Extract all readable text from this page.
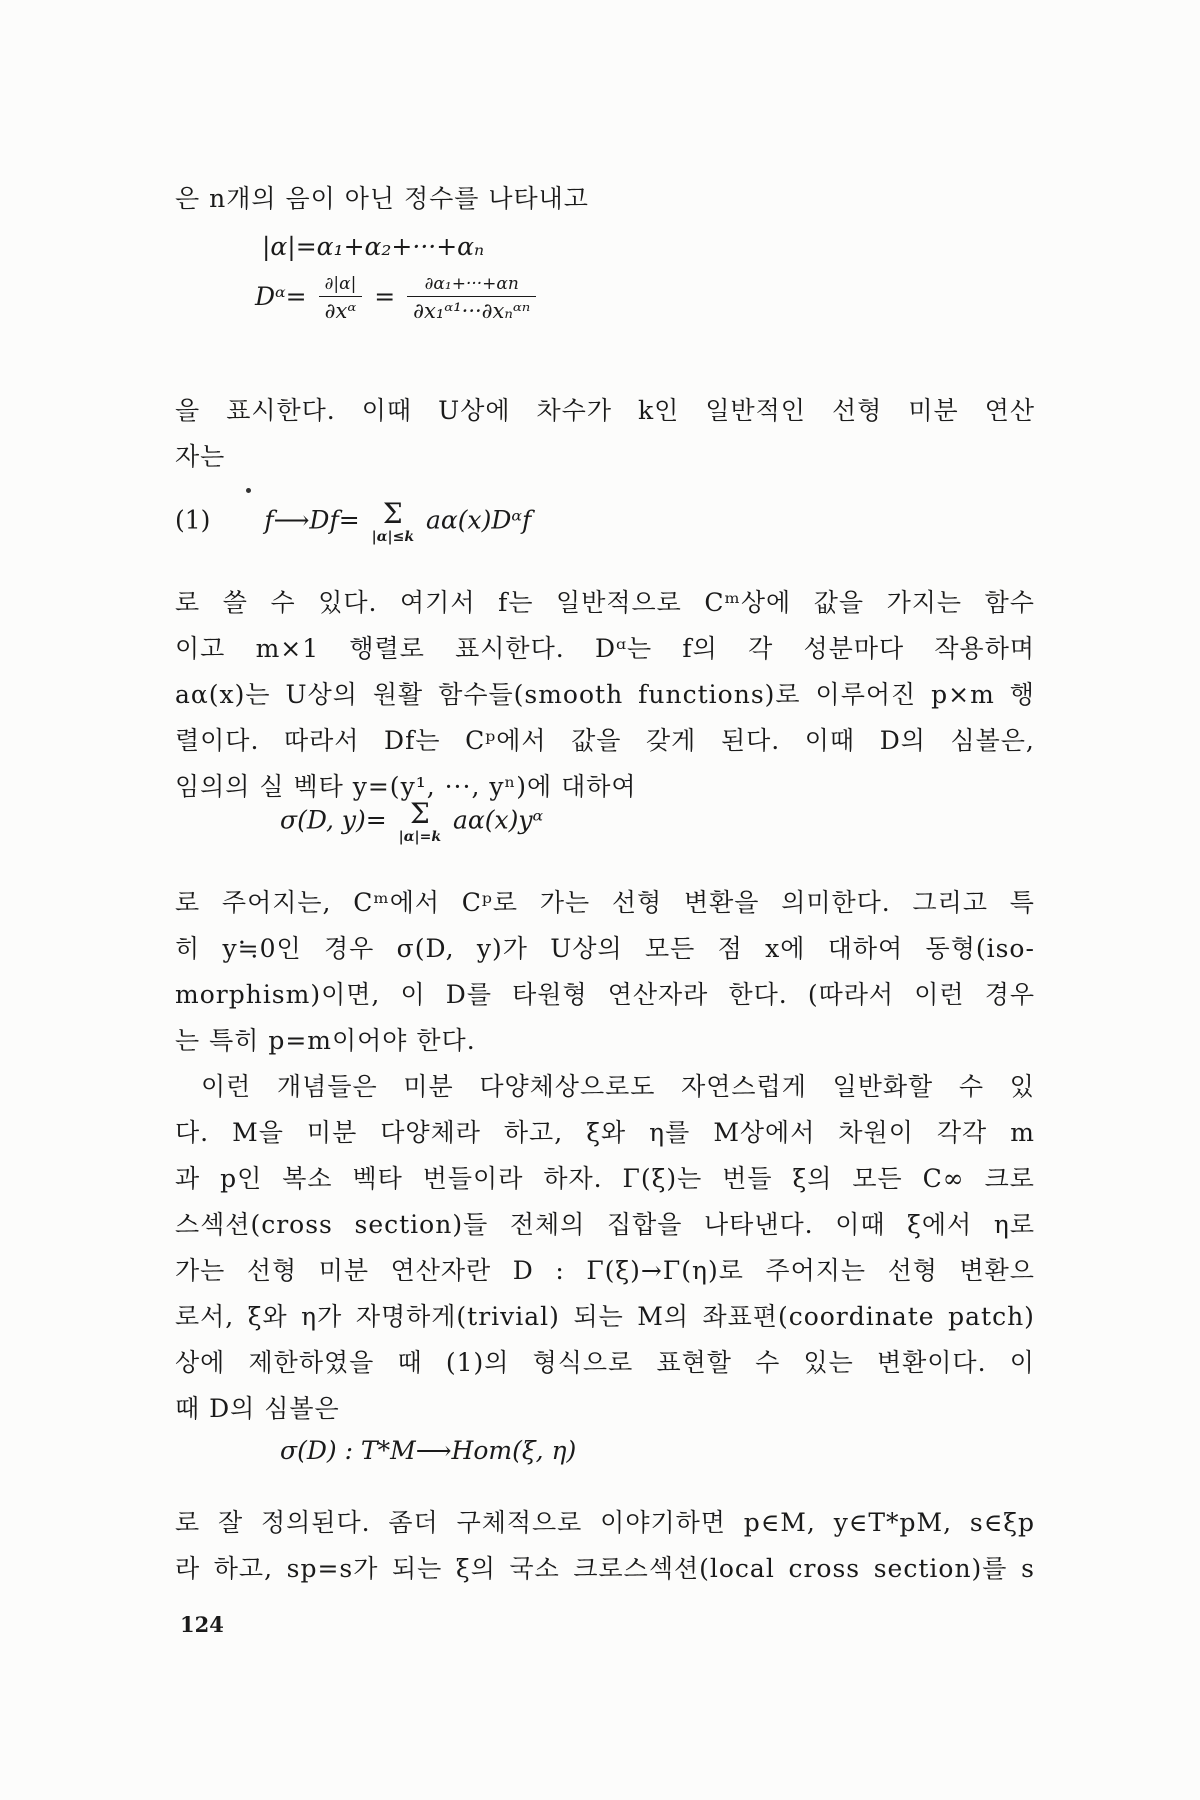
은 n개의 음이 아닌 정수를 나타내고
|α|=α₁+α₂+···+αₙ
Dᵅ= $\frac{\partial|\alpha|}{\text{∂xᵅ}} = \frac{\text{∂α₁+···+αn}}{\text{∂x₁ᵅ¹···∂xₙᵅⁿ}}$
을 표시한다. 이때 U상에 차수가 k인 일반적인 선형 미분 연산
자는
(1) f⟶Df= Σ
|α|≤k
aα(x)Dᵅf
로 쓸 수 있다. 여기서 f는 일반적으로 Cᵐ상에 값을 가지는 함수
이고 m×1 행렬로 표시한다. Dᵅ는 f의 각 성분마다 작용하며
aα(x)는 U상의 원활 함수들(smooth functions)로 이루어진 p×m 행
렬이다. 따라서 Df는 Cᵖ에서 값을 갖게 된다. 이때 D의 심볼은,
임의의 실 벡타 y=(y¹, ···, yⁿ)에 대하여
σ(D, y)= Σ
|α|=k
aα(x)yᵅ
로 주어지는, Cᵐ에서 Cᵖ로 가는 선형 변환을 의미한다. 그리고 특
히 y≒0인 경우 σ(D, y)가 U상의 모든 점 x에 대하여 동형(iso-
morphism)이면, 이 D를 타원형 연산자라 한다. (따라서 이런 경우
는 특히 p=m이어야 한다.
이런 개념들은 미분 다양체상으로도 자연스럽게 일반화할 수 있
다. M을 미분 다양체라 하고, ξ와 η를 M상에서 차원이 각각 m
과 p인 복소 벡타 번들이라 하자. Γ(ξ)는 번들 ξ의 모든 C∞ 크로
스섹션(cross section)들 전체의 집합을 나타낸다. 이때 ξ에서 η로
가는 선형 미분 연산자란 D : Γ(ξ)→Γ(η)로 주어지는 선형 변환으
로서, ξ와 η가 자명하게(trivial) 되는 M의 좌표편(coordinate patch)
상에 제한하였을 때 (1)의 형식으로 표현할 수 있는 변환이다. 이
때 D의 심볼은
σ(D) : T*M⟶Hom(ξ, η)
로 잘 정의된다. 좀더 구체적으로 이야기하면 p∈M, y∈T*pM, s∈ξp
라 하고, sp=s가 되는 ξ의 국소 크로스섹션(local cross section)를 s
124
